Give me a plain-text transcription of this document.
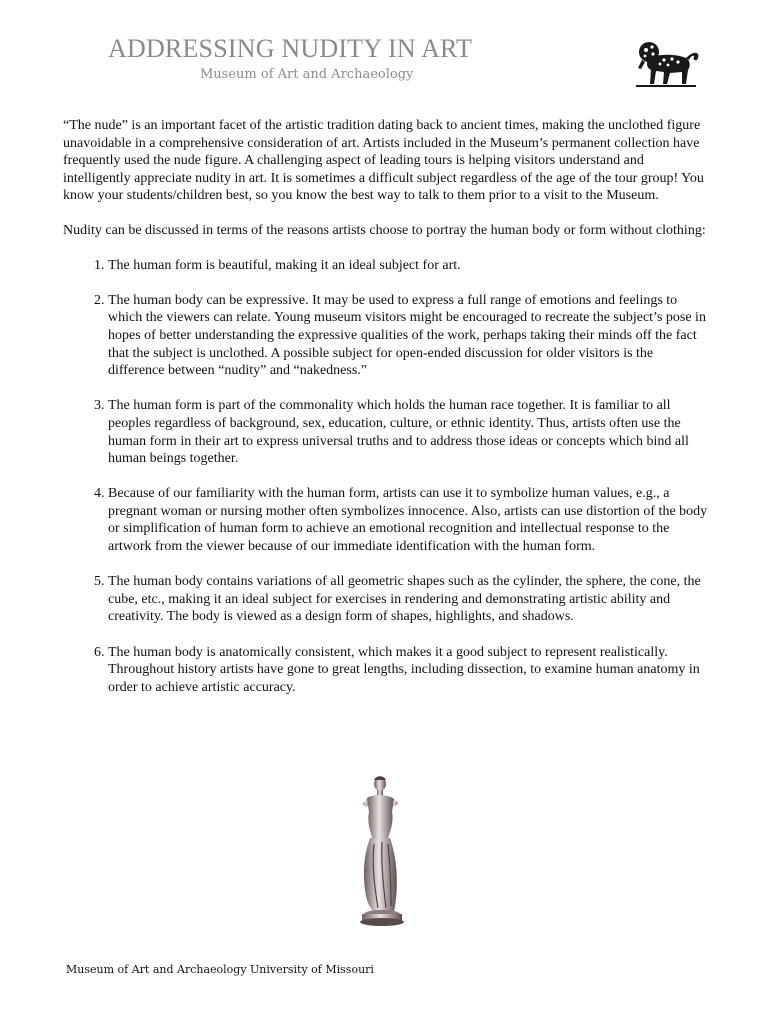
ADDRESSING NUDITY IN ART
Museum of Art and Archaeology

“The nude” is an important facet of the artistic tradition dating back to ancient times, making the unclothed figure unavoidable in a comprehensive consideration of art. Artists included in the Museum’s permanent collection have frequently used the nude figure. A challenging aspect of leading tours is helping visitors understand and intelligently appreciate nudity in art. It is sometimes a difficult subject regardless of the age of the tour group! You know your students/children best, so you know the best way to talk to them prior to a visit to the Museum.

Nudity can be discussed in terms of the reasons artists choose to portray the human body or form without clothing:

1. The human form is beautiful, making it an ideal subject for art.
2. The human body can be expressive. It may be used to express a full range of emotions and feelings to which the viewers can relate. Young museum visitors might be encouraged to recreate the subject’s pose in hopes of better understanding the expressive qualities of the work, perhaps taking their minds off the fact that the subject is unclothed. A possible subject for open-ended discussion for older visitors is the difference between “nudity” and “nakedness.”
3. The human form is part of the commonality which holds the human race together. It is familiar to all peoples regardless of background, sex, education, culture, or ethnic identity. Thus, artists often use the human form in their art to express universal truths and to address those ideas or concepts which bind all human beings together.
4. Because of our familiarity with the human form, artists can use it to symbolize human values, e.g., a pregnant woman or nursing mother often symbolizes innocence. Also, artists can use distortion of the body or simplification of human form to achieve an emotional recognition and intellectual response to the artwork from the viewer because of our immediate identification with the human form.
5. The human body contains variations of all geometric shapes such as the cylinder, the sphere, the cone, the cube, etc., making it an ideal subject for exercises in rendering and demonstrating artistic ability and creativity. The body is viewed as a design form of shapes, highlights, and shadows.
6. The human body is anatomically consistent, which makes it a good subject to represent realistically. Throughout history artists have gone to great lengths, including dissection, to examine human anatomy in order to achieve artistic accuracy.
Museum of Art and Archaeology University of Missouri
